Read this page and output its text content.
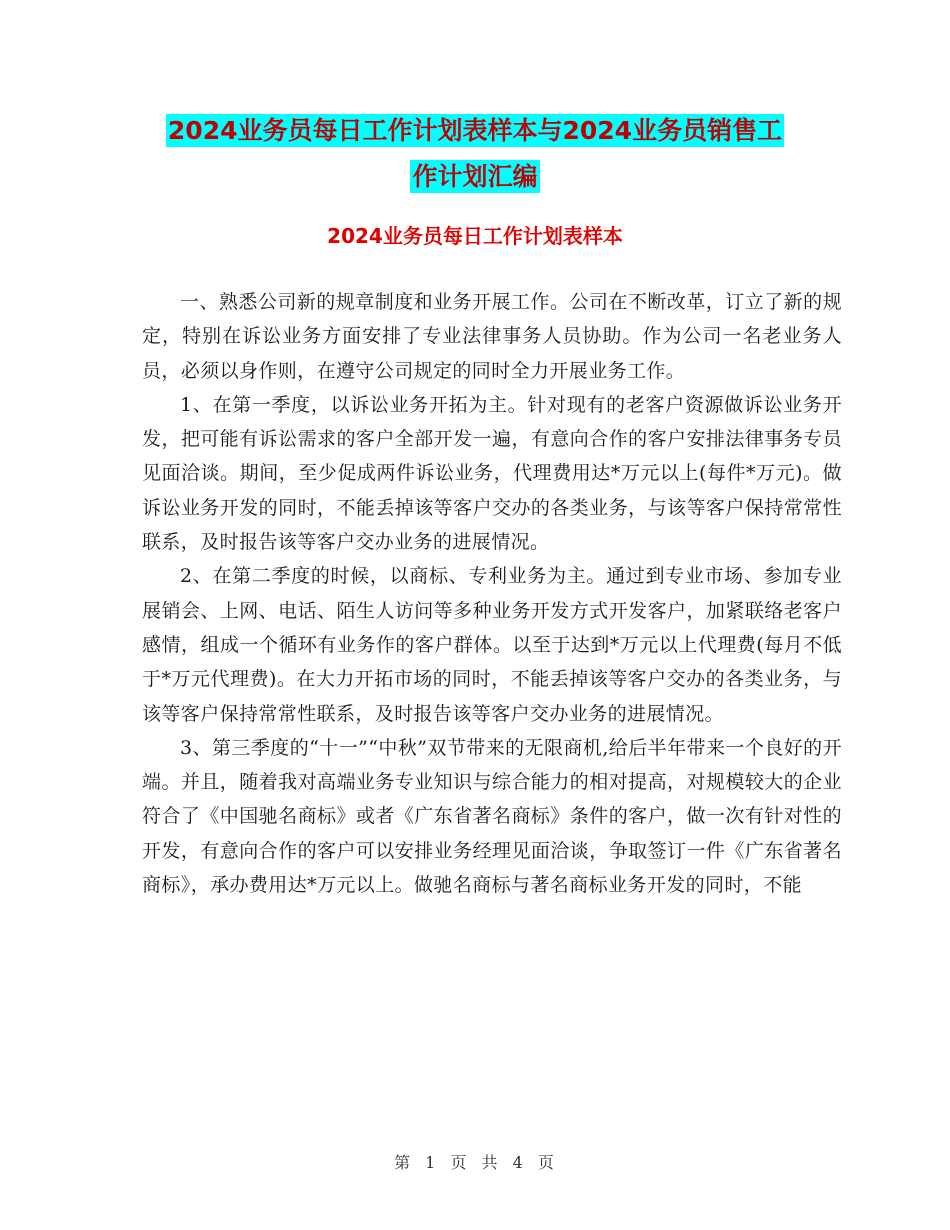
2024业务员每日工作计划表样本与2024业务员销售工
作计划汇编
2024业务员每日工作计划表样本

一、熟悉公司新的规章制度和业务开展工作。公司在不断改革，订立了新的规定，特别在诉讼业务方面安排了专业法律事务人员协助。作为公司一名老业务人员，必须以身作则，在遵守公司规定的同时全力开展业务工作。

1、在第一季度，以诉讼业务开拓为主。针对现有的老客户资源做诉讼业务开发，把可能有诉讼需求的客户全部开发一遍，有意向合作的客户安排法律事务专员见面洽谈。期间，至少促成两件诉讼业务，代理费用达*万元以上(每件*万元)。做诉讼业务开发的同时，不能丢掉该等客户交办的各类业务，与该等客户保持常常性联系，及时报告该等客户交办业务的进展情况。

2、在第二季度的时候，以商标、专利业务为主。通过到专业市场、参加专业展销会、上网、电话、陌生人访问等多种业务开发方式开发客户，加紧联络老客户感情，组成一个循环有业务作的客户群体。以至于达到*万元以上代理费(每月不低于*万元代理费)。在大力开拓市场的同时，不能丢掉该等客户交办的各类业务，与该等客户保持常常性联系，及时报告该等客户交办业务的进展情况。

3、第三季度的“十一”“中秋”双节带来的无限商机,给后半年带来一个良好的开端。并且，随着我对高端业务专业知识与综合能力的相对提高，对规模较大的企业符合了《中国驰名商标》或者《广东省著名商标》条件的客户，做一次有针对性的开发，有意向合作的客户可以安排业务经理见面洽谈，争取签订一件《广东省著名商标》，承办费用达*万元以上。做驰名商标与著名商标业务开发的同时，不能

第 1 页 共 4 页
